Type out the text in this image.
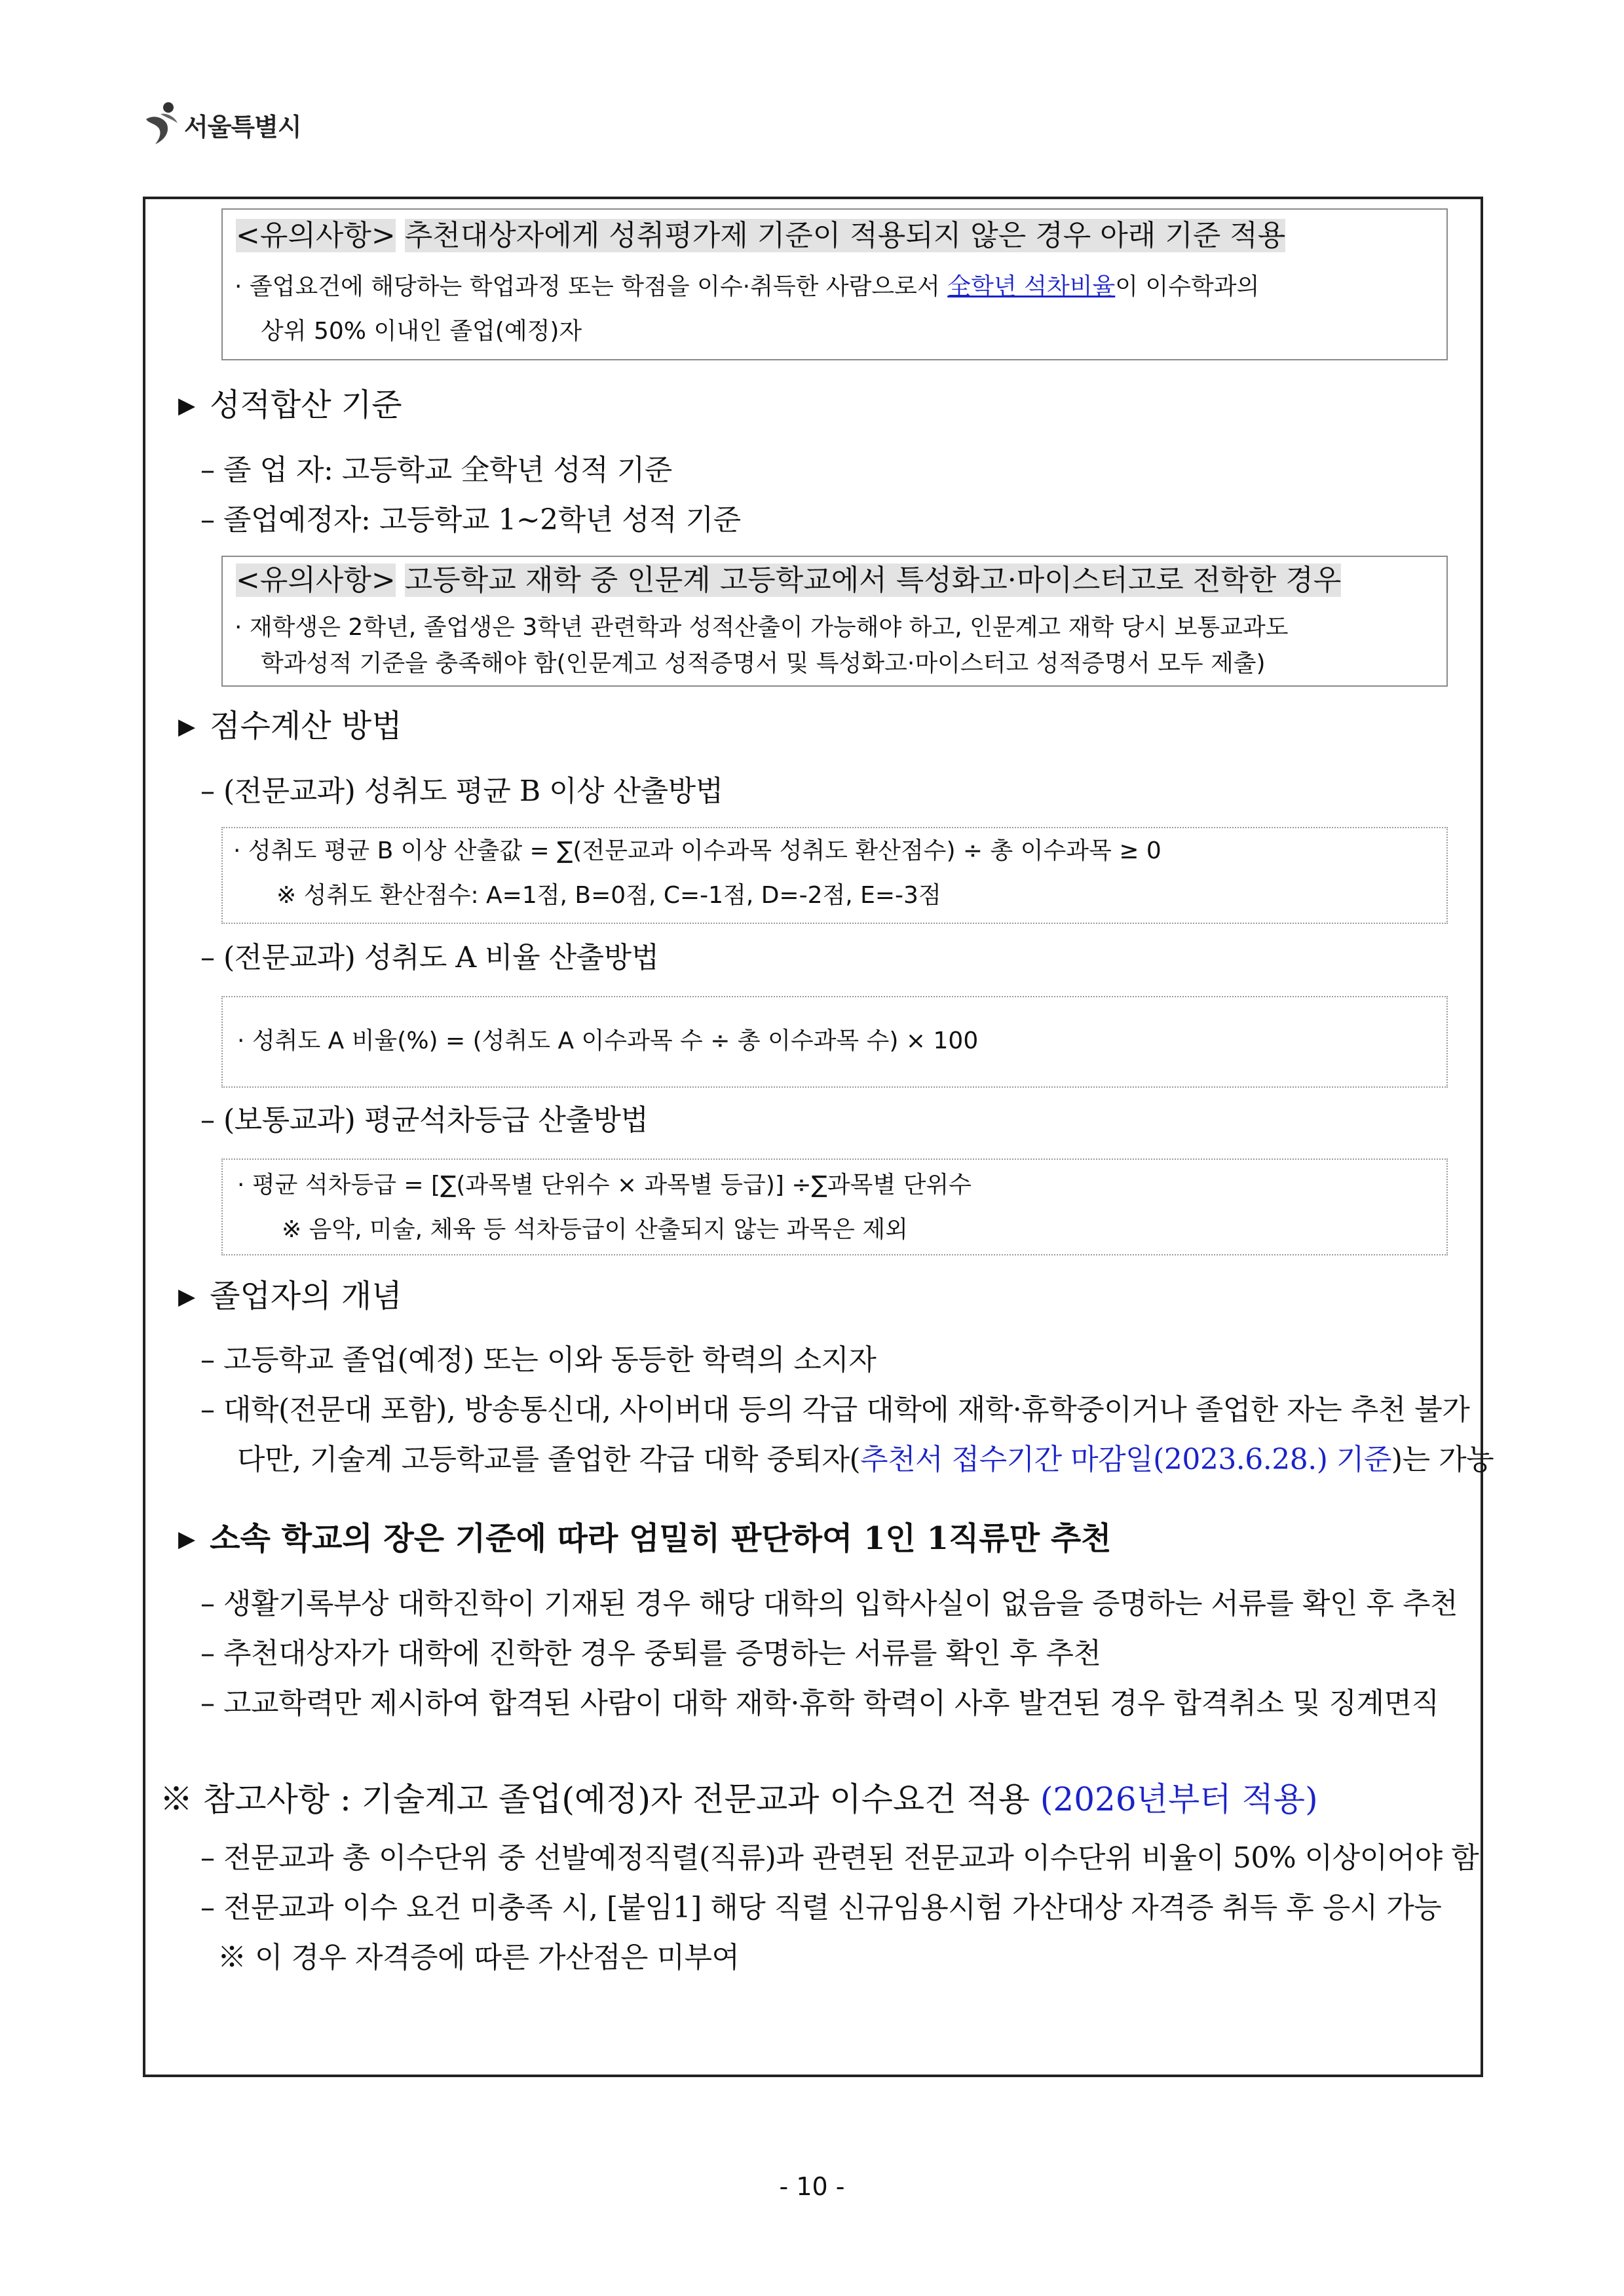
서울특별시
<유의사항> 추천대상자에게 성취평가제 기준이 적용되지 않은 경우 아래 기준 적용
· 졸업요건에 해당하는 학업과정 또는 학점을 이수·취득한 사람으로서 全학년 석차비율이 이수학과의
상위 50% 이내인 졸업(예정)자
▶ 성적합산 기준
– 졸 업 자: 고등학교 全학년 성적 기준
– 졸업예정자: 고등학교 1~2학년 성적 기준
<유의사항> 고등학교 재학 중 인문계 고등학교에서 특성화고·마이스터고로 전학한 경우
· 재학생은 2학년, 졸업생은 3학년 관련학과 성적산출이 가능해야 하고, 인문계고 재학 당시 보통교과도
학과성적 기준을 충족해야 함(인문계고 성적증명서 및 특성화고·마이스터고 성적증명서 모두 제출)
▶ 점수계산 방법
– (전문교과) 성취도 평균 B 이상 산출방법
· 성취도 평균 B 이상 산출값 = ∑(전문교과 이수과목 성취도 환산점수) ÷ 총 이수과목 ≥ 0
※ 성취도 환산점수: A=1점, B=0점, C=-1점, D=-2점, E=-3점
– (전문교과) 성취도 A 비율 산출방법
· 성취도 A 비율(%) = (성취도 A 이수과목 수 ÷ 총 이수과목 수) × 100
– (보통교과) 평균석차등급 산출방법
· 평균 석차등급 = [∑(과목별 단위수 × 과목별 등급)] ÷∑과목별 단위수
※ 음악, 미술, 체육 등 석차등급이 산출되지 않는 과목은 제외
▶ 졸업자의 개념
– 고등학교 졸업(예정) 또는 이와 동등한 학력의 소지자
– 대학(전문대 포함), 방송통신대, 사이버대 등의 각급 대학에 재학·휴학중이거나 졸업한 자는 추천 불가
다만, 기술계 고등학교를 졸업한 각급 대학 중퇴자(추천서 접수기간 마감일(2023.6.28.) 기준)는 가능
▶ 소속 학교의 장은 기준에 따라 엄밀히 판단하여 1인 1직류만 추천
– 생활기록부상 대학진학이 기재된 경우 해당 대학의 입학사실이 없음을 증명하는 서류를 확인 후 추천
– 추천대상자가 대학에 진학한 경우 중퇴를 증명하는 서류를 확인 후 추천
– 고교학력만 제시하여 합격된 사람이 대학 재학·휴학 학력이 사후 발견된 경우 합격취소 및 징계면직
※ 참고사항 : 기술계고 졸업(예정)자 전문교과 이수요건 적용 (2026년부터 적용)
– 전문교과 총 이수단위 중 선발예정직렬(직류)과 관련된 전문교과 이수단위 비율이 50% 이상이어야 함
– 전문교과 이수 요건 미충족 시, [붙임1] 해당 직렬 신규임용시험 가산대상 자격증 취득 후 응시 가능
※ 이 경우 자격증에 따른 가산점은 미부여
- 10 -
